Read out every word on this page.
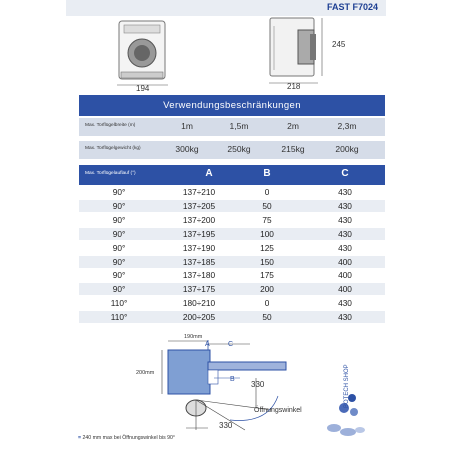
FAST F7024
194
245
218
Verwendungsbeschränkungen
Max. Torflügelbreite (m)	1m	1,5m	2m	2,3m
Max. Torflügelgewicht (kg)	300kg	250kg	215kg	200kg
Max. Torflügelauflauf (°)	A	B	C
90°	137÷210	0	430
90°	137÷205	50	430
90°	137÷200	75	430
90°	137÷195	100	430
90°	137÷190	125	430
90°	137÷185	150	400
90°	137÷180	175	400
90°	137÷175	200	400
110°	180÷210	0	430
110°	200÷205	50	430
190mm
200mm
A	C
B
330
330
Öffnungswinkel
= 240 mm max bei Öffnungswinkel bis 90°
BOTECH SHOP
